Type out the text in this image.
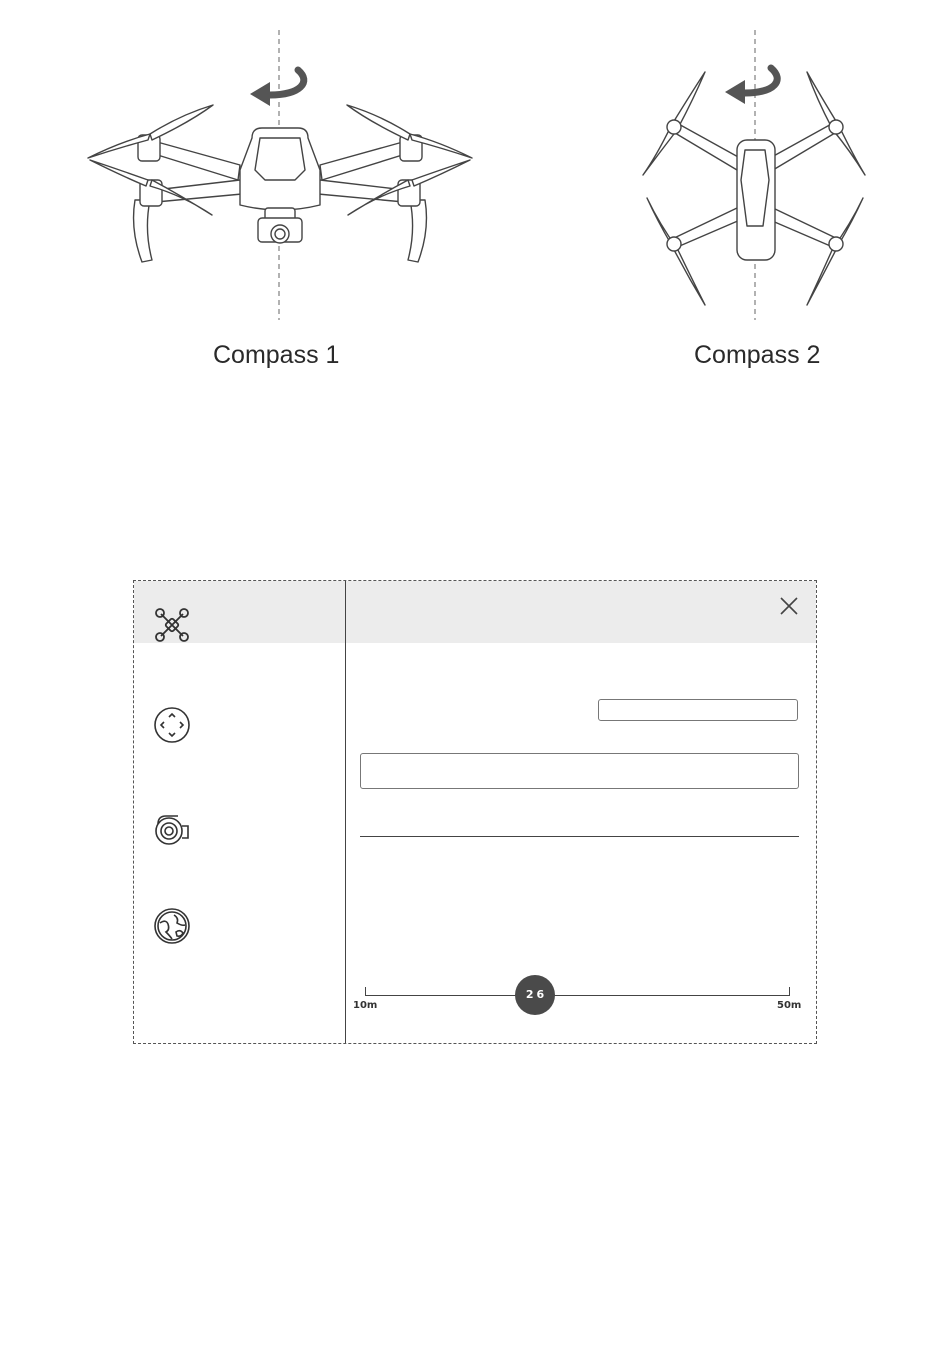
Compass 1	Compass 2
10m	50m
26
